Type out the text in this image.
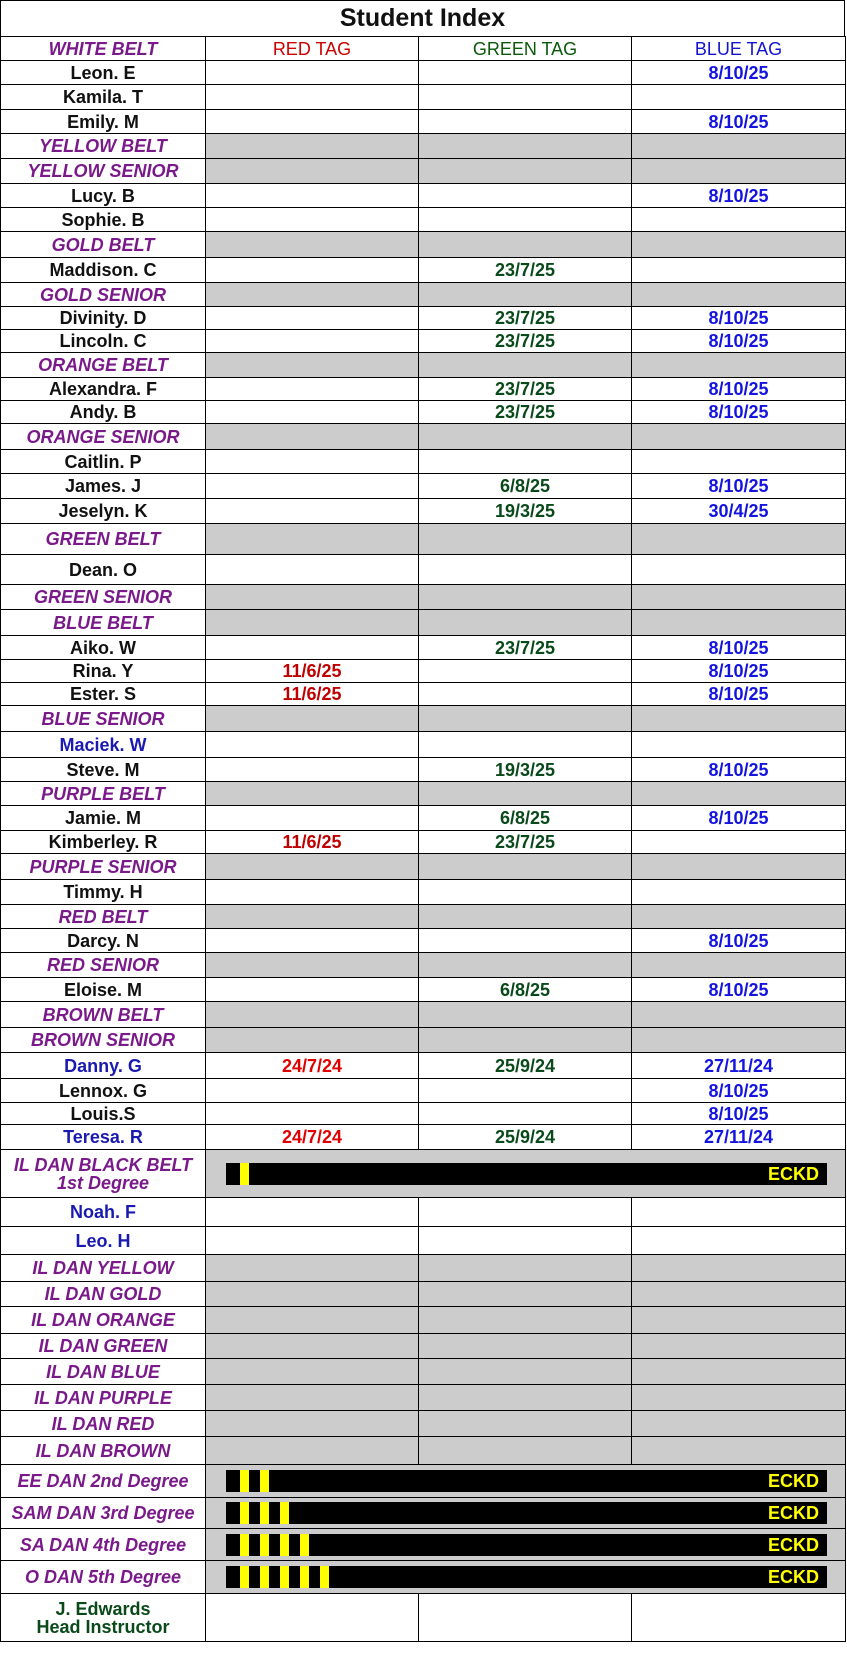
Student Index
WHITE BELT	RED TAG	GREEN TAG	BLUE TAG
Leon. E			8/10/25
Kamila. T			
Emily. M			8/10/25
YELLOW BELT			
YELLOW SENIOR			
Lucy. B			8/10/25
Sophie. B			
GOLD BELT			
Maddison. C		23/7/25	
GOLD SENIOR			
Divinity. D		23/7/25	8/10/25
Lincoln. C		23/7/25	8/10/25
ORANGE BELT			
Alexandra. F		23/7/25	8/10/25
Andy. B		23/7/25	8/10/25
ORANGE SENIOR			
Caitlin. P			
James. J		6/8/25	8/10/25
Jeselyn. K		19/3/25	30/4/25
GREEN BELT			
Dean. O			
GREEN SENIOR			
BLUE BELT			
Aiko. W		23/7/25	8/10/25
Rina. Y	11/6/25		8/10/25
Ester. S	11/6/25		8/10/25
BLUE SENIOR			
Maciek. W			
Steve. M		19/3/25	8/10/25
PURPLE BELT			
Jamie. M		6/8/25	8/10/25
Kimberley. R	11/6/25	23/7/25	
PURPLE SENIOR			
Timmy. H			
RED BELT			
Darcy. N			8/10/25
RED SENIOR			
Eloise. M		6/8/25	8/10/25
BROWN BELT			
BROWN SENIOR			
Danny. G	24/7/24	25/9/24	27/11/24
Lennox. G			8/10/25
Louis.S			8/10/25
Teresa. R	24/7/24	25/9/24	27/11/24
IL DAN BLACK BELT
1st Degree	ECKD		

Noah. F			
Leo. H			
IL DAN YELLOW			
IL DAN GOLD			
IL DAN ORANGE			
IL DAN GREEN			
IL DAN BLUE			
IL DAN PURPLE			
IL DAN RED			
IL DAN BROWN			
EE DAN 2nd Degree	ECKD		

SAM DAN 3rd Degree	ECKD		

SA DAN 4th Degree	ECKD		

O DAN 5th Degree	ECKD		

J. Edwards
Head Instructor			
